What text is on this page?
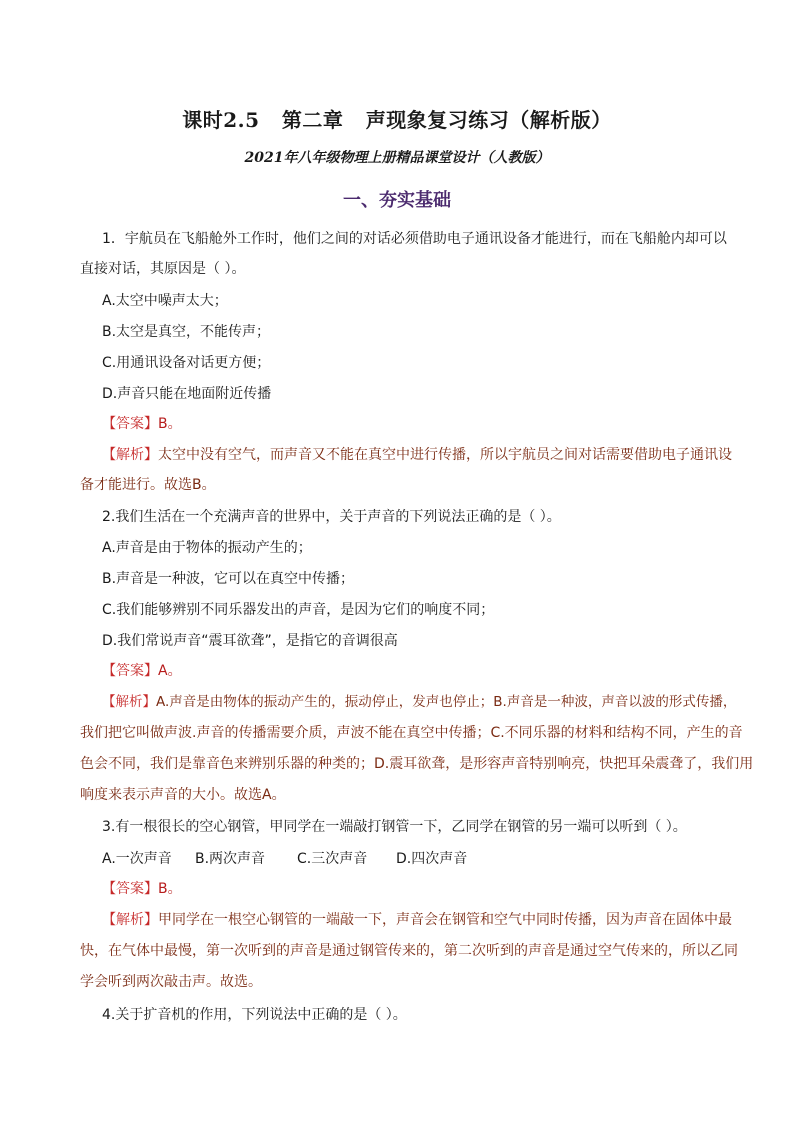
课时2.5   第二章   声现象复习练习（解析版）
2021年八年级物理上册精品课堂设计（人教版）
一、夯实基础
1．宇航员在飞船舱外工作时，他们之间的对话必须借助电子通讯设备才能进行，而在飞船舱内却可以
直接对话，其原因是（ ）。
A.太空中噪声太大；
B.太空是真空，不能传声；
C.用通讯设备对话更方便；
D.声音只能在地面附近传播
【答案】B。
【解析】太空中没有空气，而声音又不能在真空中进行传播，所以宇航员之间对话需要借助电子通讯设
备才能进行。故选B。
2.我们生活在一个充满声音的世界中，关于声音的下列说法正确的是（ ）。
A.声音是由于物体的振动产生的；
B.声音是一种波，它可以在真空中传播；
C.我们能够辨别不同乐器发出的声音，是因为它们的响度不同；
D.我们常说声音“震耳欲聋”，是指它的音调很高
【答案】A。
【解析】A.声音是由物体的振动产生的，振动停止，发声也停止；B.声音是一种波，声音以波的形式传播，
我们把它叫做声波.声音的传播需要介质，声波不能在真空中传播；C.不同乐器的材料和结构不同，产生的音
色会不同，我们是靠音色来辨别乐器的种类的；D.震耳欲聋，是形容声音特别响亮，快把耳朵震聋了，我们用
响度来表示声音的大小。故选A。
3.有一根很长的空心钢管，甲同学在一端敲打钢管一下，乙同学在钢管的另一端可以听到（ ）。
A.一次声音 B.两次声音 C.三次声音 D.四次声音
【答案】B。
【解析】甲同学在一根空心钢管的一端敲一下，声音会在钢管和空气中同时传播，因为声音在固体中最
快，在气体中最慢，第一次听到的声音是通过钢管传来的，第二次听到的声音是通过空气传来的，所以乙同
学会听到两次敲击声。故选。
4.关于扩音机的作用，下列说法中正确的是（ ）。
